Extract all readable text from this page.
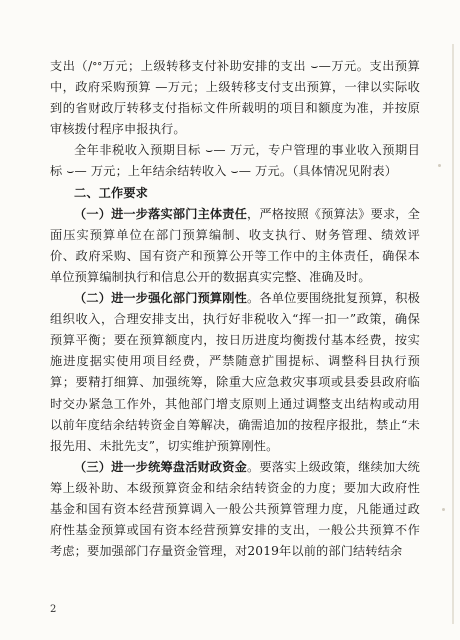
支出（∕ᐤᐤ万元；上级转移支付补助安排的支出 ⌣—万元。支出预算中，政府采购预算 —万元；上级转移支付支出预算，一律以实际收到的省财政厅转移支付指标文件所载明的项目和额度为准，并按原审核拨付程序申报执行。

全年非税收入预期目标 ⌣— 万元，专户管理的事业收入预期目标 ⌣— 万元；上年结余结转收入 ⌣— 万元。（具体情况见附表）

二、工作要求

（一）进一步落实部门主体责任，严格按照《预算法》要求，全面压实预算单位在部门预算编制、收支执行、财务管理、绩效评价、政府采购、国有资产和预算公开等工作中的主体责任，确保本单位预算编制执行和信息公开的数据真实完整、准确及时。

（二）进一步强化部门预算刚性。各单位要围绕批复预算，积极组织收入，合理安排支出，执行好非税收入“挥一扣一”政策，确保预算平衡；要在预算额度内，按日历进度均衡拨付基本经费，按实施进度据实使用项目经费，严禁随意扩围提标、调整科目执行预算；要精打细算、加强统筹，除重大应急救灾事项或县委县政府临时交办紧急工作外，其他部门增支原则上通过调整支出结构或动用以前年度结余结转资金自筹解决，确需追加的按程序报批，禁止“未报先用、未批先支”，切实维护预算刚性。

（三）进一步统筹盘活财政资金。要落实上级政策，继续加大统筹上级补助、本级预算资金和结余结转资金的力度；要加大政府性基金和国有资本经营预算调入一般公共预算管理力度，凡能通过政府性基金预算或国有资本经营预算安排的支出，一般公共预算不作考虑；要加强部门存量资金管理，对2019年以前的部门结转结余

2
